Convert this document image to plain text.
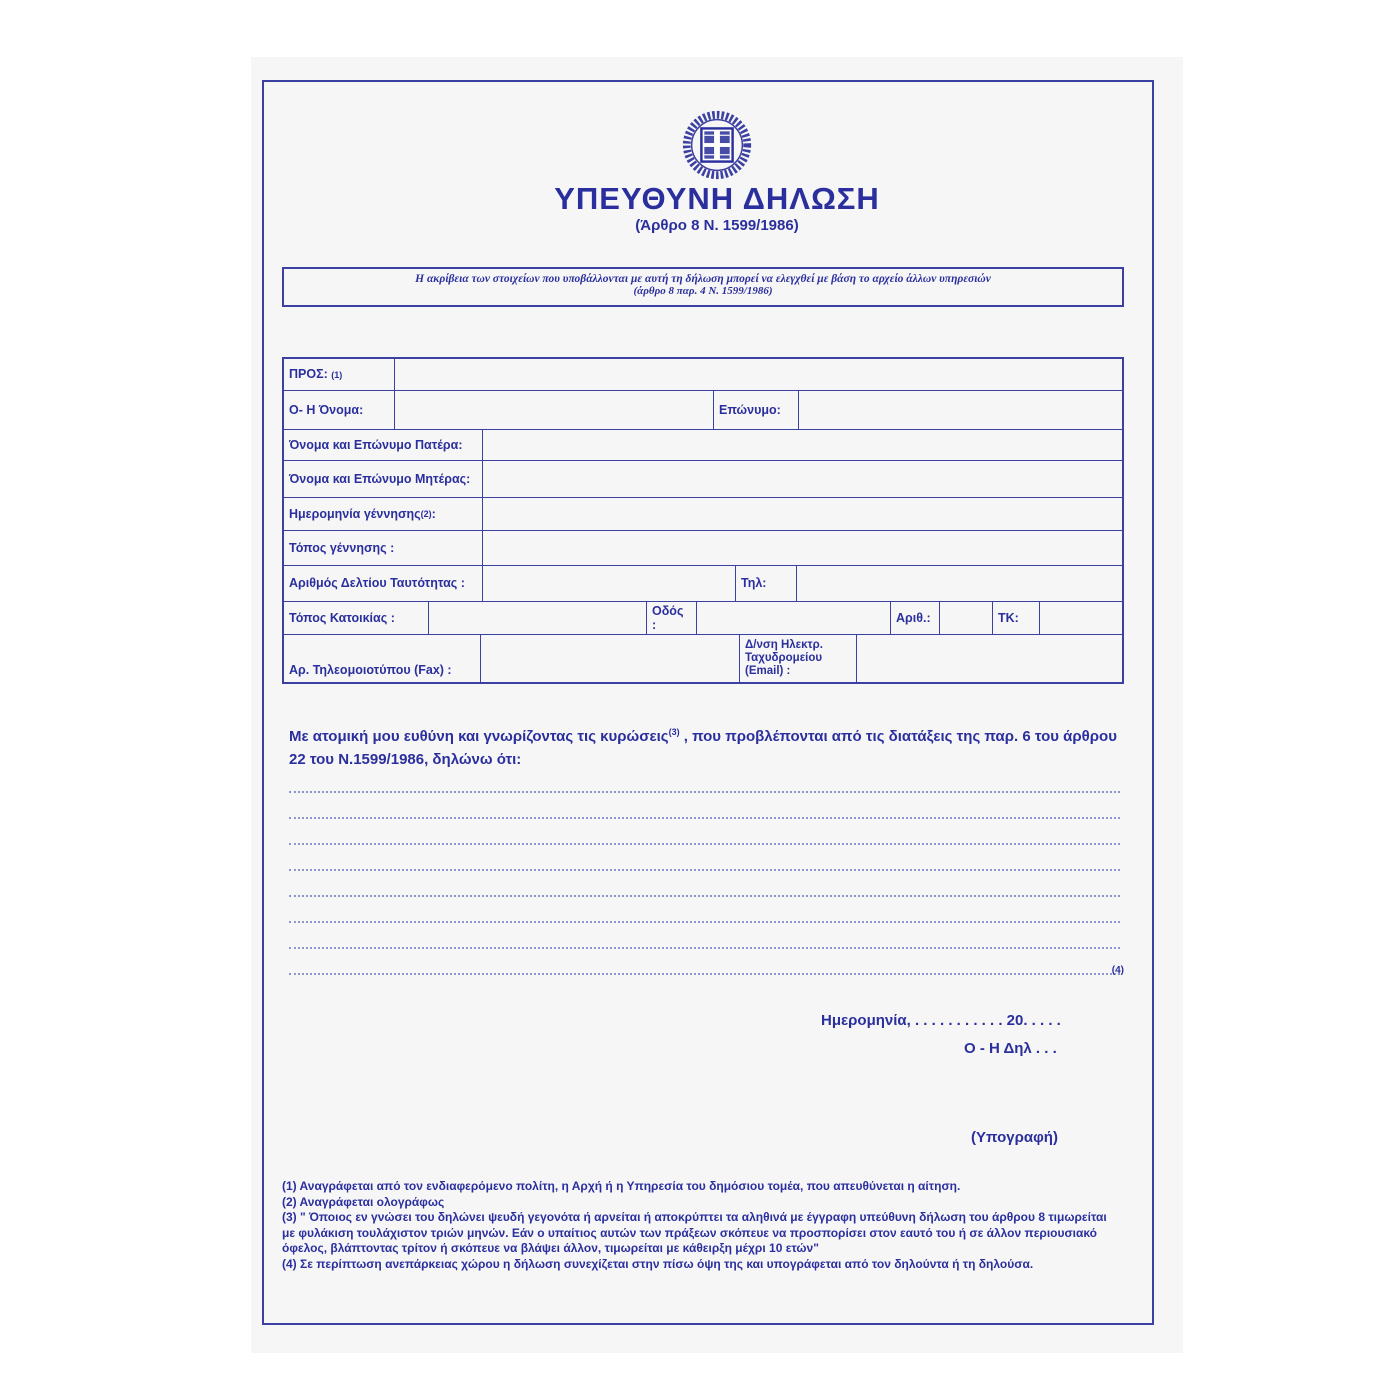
ΥΠΕΥΘΥΝΗ ΔΗΛΩΣΗ
(Άρθρο 8 Ν. 1599/1986)
Η ακρίβεια των στοιχείων που υποβάλλονται με αυτή τη δήλωση μπορεί να ελεγχθεί με βάση το αρχείο άλλων υπηρεσιών
(άρθρο 8 παρ. 4 Ν. 1599/1986)
ΠΡΟΣ:
(1)
Ο- Η Όνομα:	Επώνυμο:
Όνομα και Επώνυμο Πατέρα:
Όνομα και Επώνυμο Μητέρας:
Ημερομηνία γέννησης (2) :
Τόπος γέννησης :
Αριθμός Δελτίου Ταυτότητας :	Τηλ:
Τόπος Κατοικίας :
Οδός :
Αριθ.:	ΤΚ:
Αρ. Τηλεομοιοτύπου (Fax) :
Δ/νση Ηλεκτρ. Ταχυδρομείου (Email) :
Με ατομική μου ευθύνη και γνωρίζοντας τις κυρώσεις$^{(3)}$ , που προβλέπονται από τις διατάξεις της παρ. 6 του άρθρου 22 του Ν.1599/1986, δηλώνω ότι:
(4)
Ημερομηνία, . . . . . . . . . . . 20. . . . .
Ο - Η Δηλ . . .
(Υπογραφή)

(1) Αναγράφεται από τον ενδιαφερόμενο πολίτη, η Αρχή ή η Υπηρεσία του δημόσιου τομέα, που απευθύνεται η αίτηση.

(2) Αναγράφεται ολογράφως

(3) " Όποιος εν γνώσει του δηλώνει ψευδή γεγονότα ή αρνείται ή αποκρύπτει τα αληθινά με έγγραφη υπεύθυνη δήλωση του άρθρου 8 τιμωρείται με φυλάκιση τουλάχιστον τριών μηνών. Εάν ο υπαίτιος αυτών των πράξεων σκόπευε να προσπορίσει στον εαυτό του ή σε άλλον περιουσιακό όφελος, βλάπτοντας τρίτον ή σκόπευε να βλάψει άλλον, τιμωρείται με κάθειρξη μέχρι 10 ετών"

(4) Σε περίπτωση ανεπάρκειας χώρου η δήλωση συνεχίζεται στην πίσω όψη της και υπογράφεται από τον δηλούντα ή τη δηλούσα.
